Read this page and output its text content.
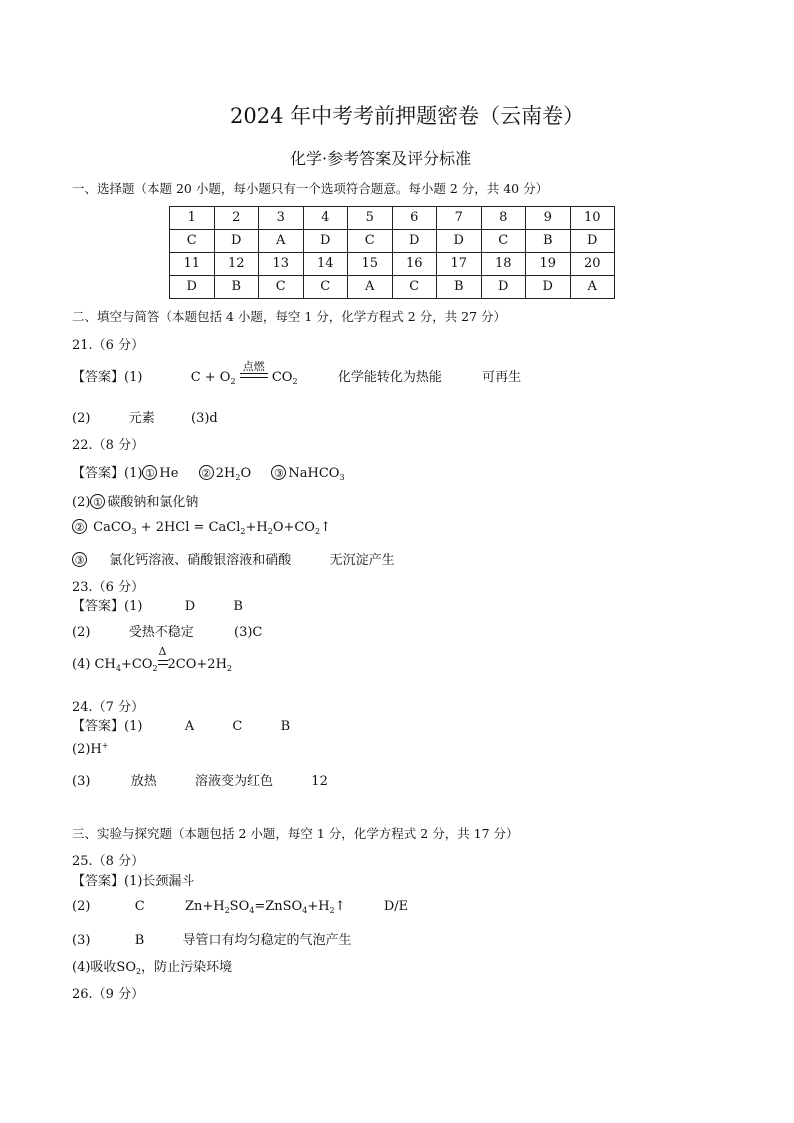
2024 年中考考前押题密卷（云南卷）
化学·参考答案及评分标准
一、选择题（本题 20 小题，每小题只有一个选项符合题意。每小题 2 分，共 40 分）
1	2	3	4	5	6	7	8	9	10
C	D	A	D	C	D	D	C	B	D
11	12	13	14	15	16	17	18	19	20
D	B	C	C	A	C	B	D	D	A
二、填空与简答（本题包括 4 小题，每空 1 分，化学方程式 2 分，共 27 分）
21.（6 分）
【答案】(1)	$C + O_2$
点燃
$CO_2$	化学能转化为热能	可再生
(2)	元素	(3)d
22.（8 分）
【答案】(1) ① He ② $2H_2O$ ③ NaHCO$_3$
(2) ① 碳酸钠和氯化钠
② CaCO$_3$ + $2HCl = CaCl_2+H_2O+CO_2↑$
③ 氯化钙溶液、硝酸银溶液和硝酸	无沉淀产生
23.（6 分）
【答案】(1)	D	B
(2)	受热不稳定	(3)C
(4) $CH_4+CO_2$
Δ
$2CO+2H_2$
24.（7 分）
【答案】(1)	A	C	B
(2)H+
(3)	放热	溶液变为红色	12
三、实验与探究题（本题包括 2 小题，每空 1 分，化学方程式 2 分，共 17 分）
25.（8 分）
【答案】(1)长颈漏斗
(2)	C	$Zn+H_2SO_4=ZnSO_4+H_2↑$	D/E
(3)	B	导管口有均匀稳定的气泡产生
(4)吸收$SO_2$，防止污染环境
26.（9 分）
